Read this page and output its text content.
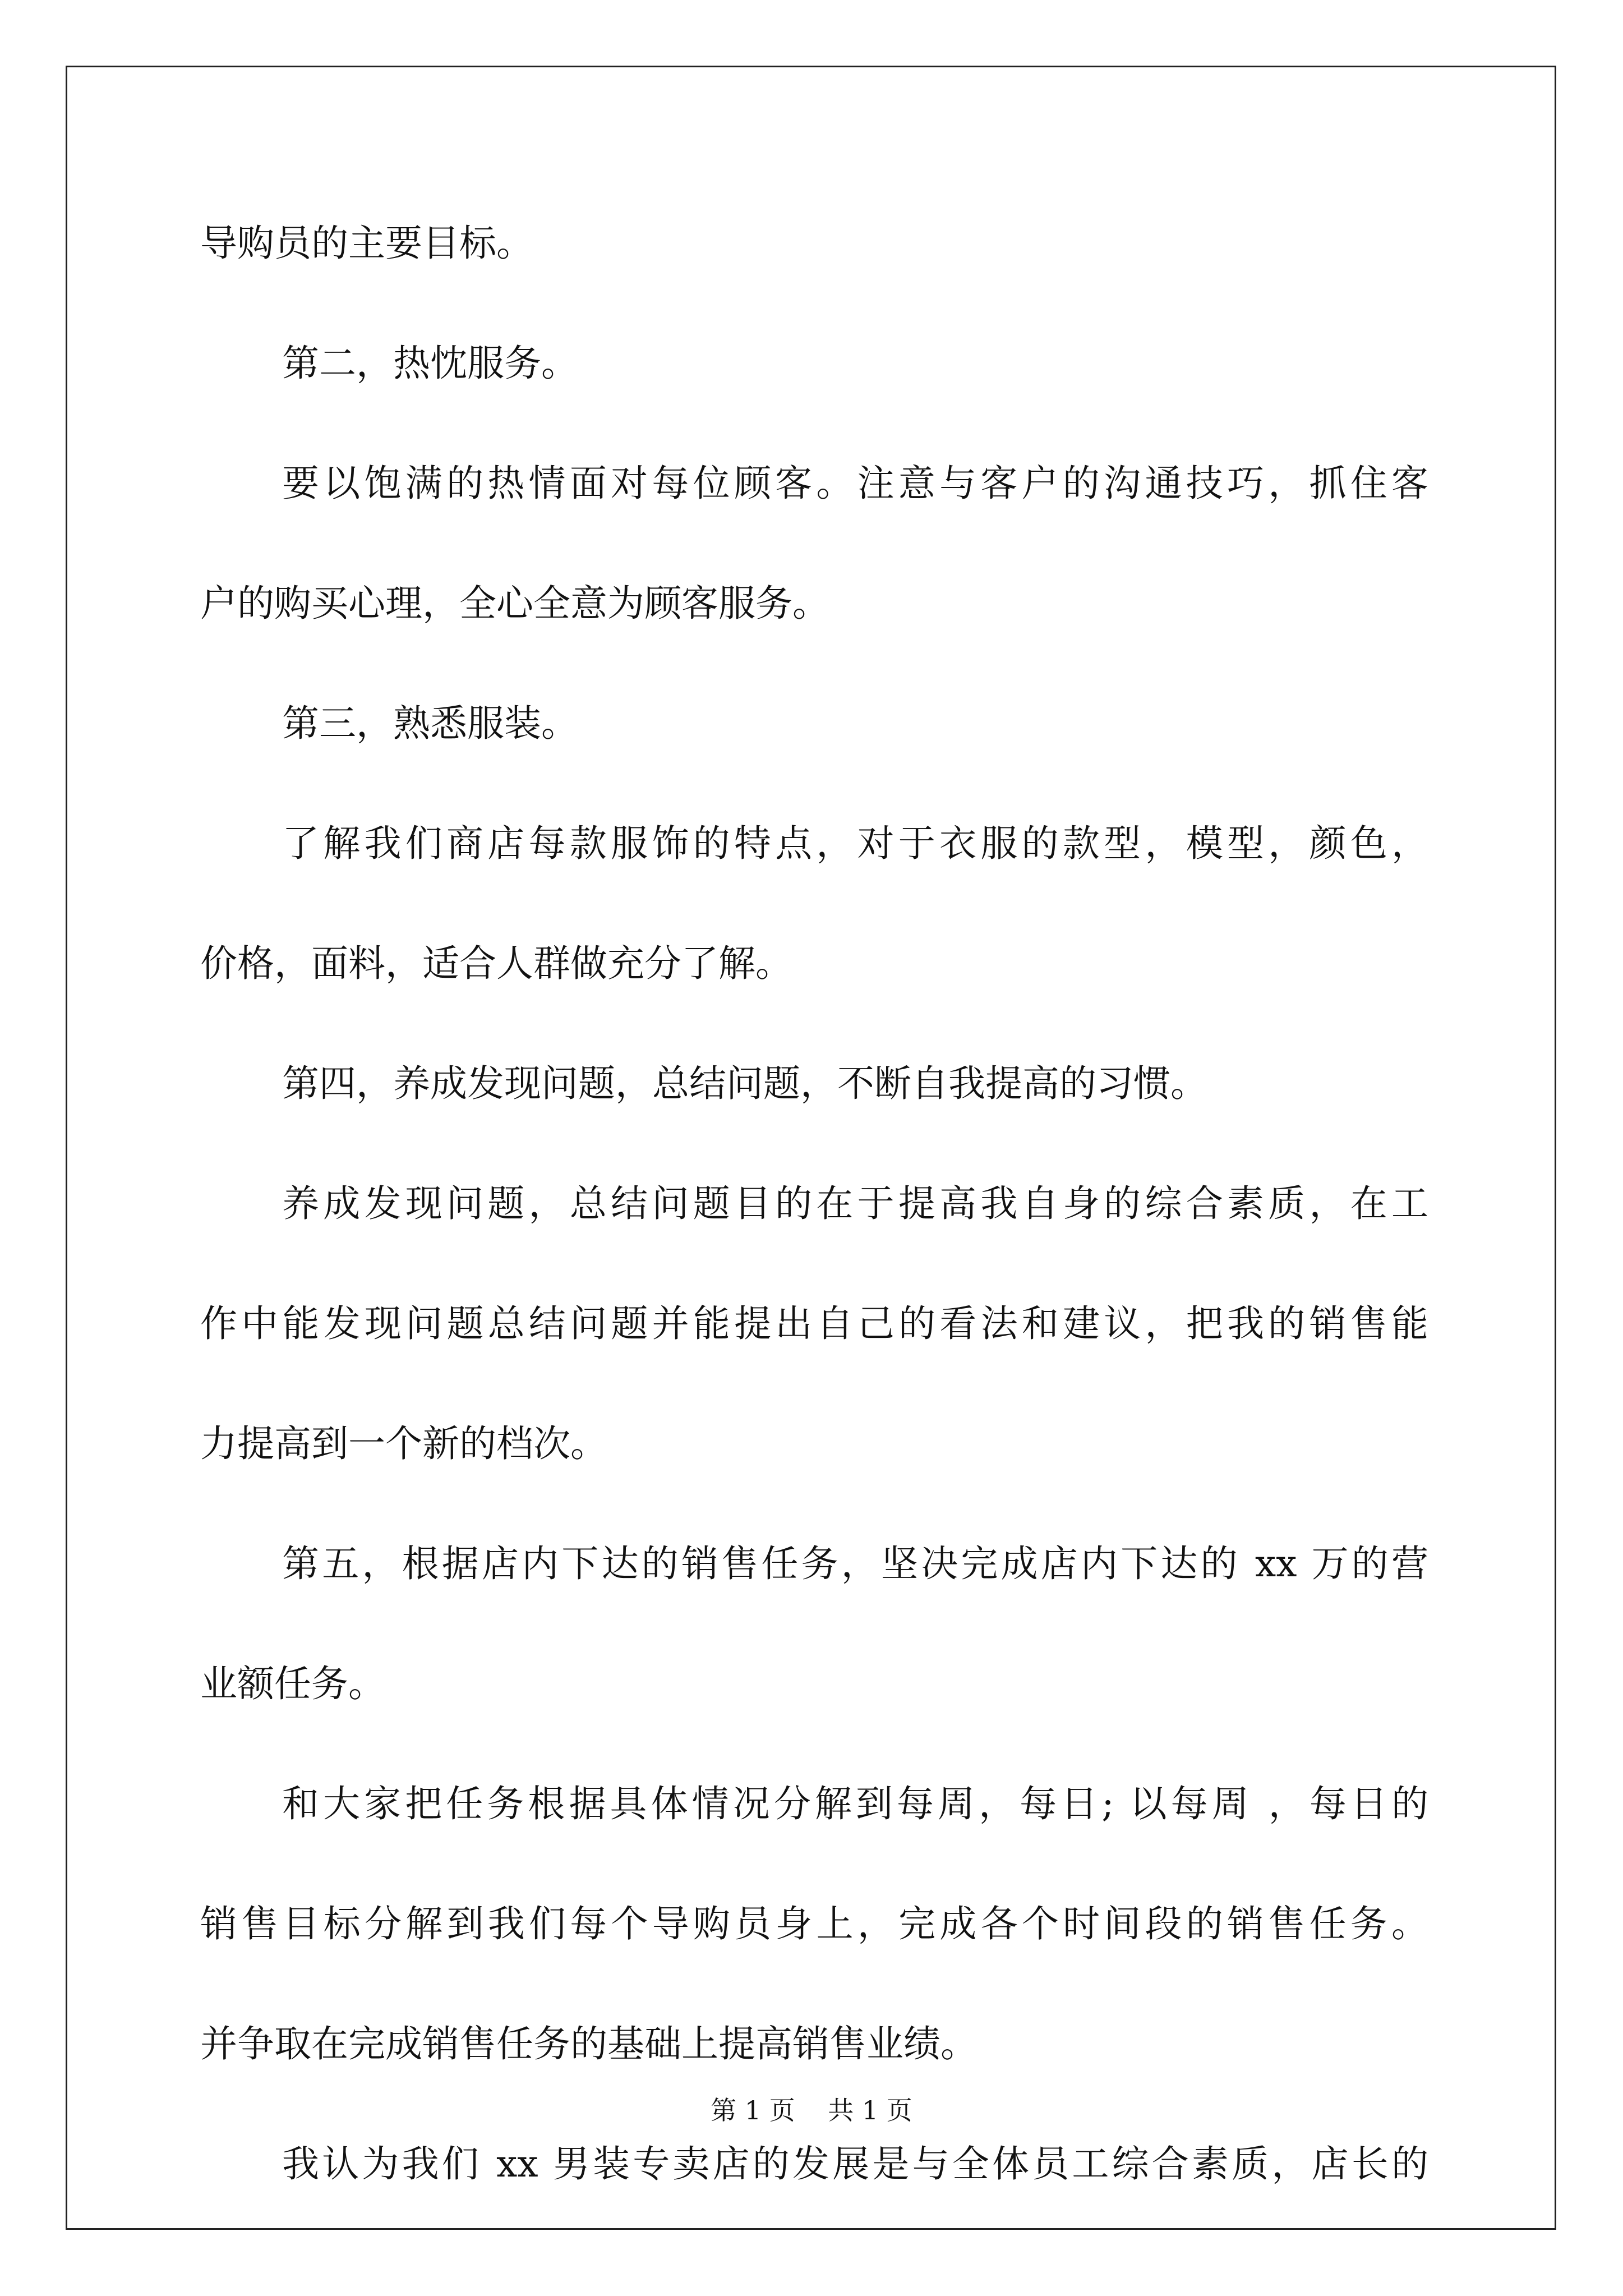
导购员的主要目标。
第二，热忱服务。
要以饱满的热情面对每位顾客。注意与客户的沟通技巧，抓住客
户的购买心理，全心全意为顾客服务。
第三，熟悉服装。
了解我们商店每款服饰的特点，对于衣服的款型，模型，颜色，
价格，面料，适合人群做充分了解。
第四，养成发现问题，总结问题，不断自我提高的习惯。
养成发现问题，总结问题目的在于提高我自身的综合素质，在工
作中能发现问题总结问题并能提出自己的看法和建议，把我的销售能
力提高到一个新的档次。
第五，根据店内下达的销售任务，坚决完成店内下达的 xx 万的营
业额任务。
和大家把任务根据具体情况分解到每周，每日; 以每周 ，每日的
销售目标分解到我们每个导购员身上，完成各个时间段的销售任务。
并争取在完成销售任务的基础上提高销售业绩。
我认为我们 xx 男装专卖店的发展是与全体员工综合素质，店长的
第 1 页    共 1 页
